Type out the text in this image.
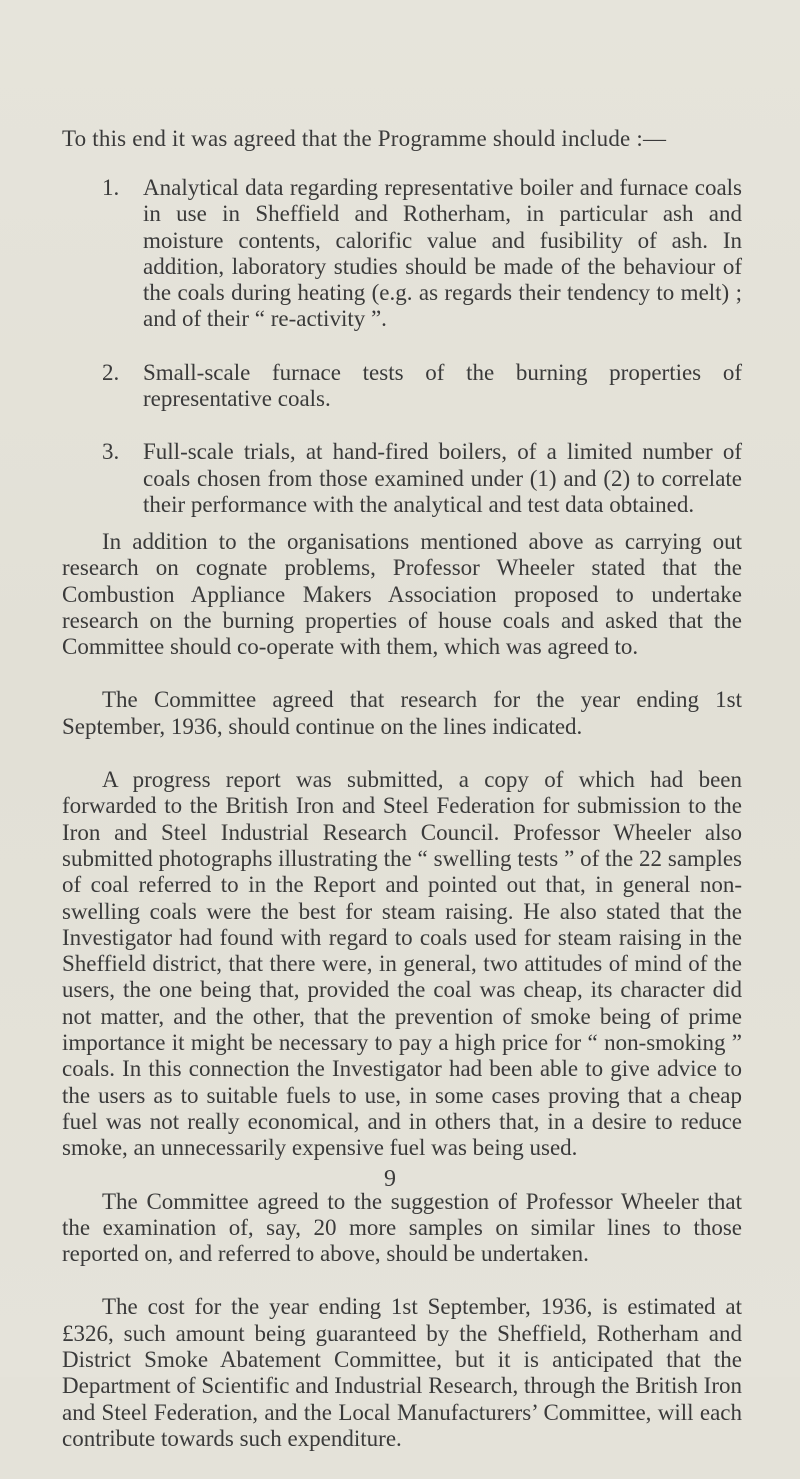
To this end it was agreed that the Programme should include :—

1. Analytical data regarding representative boiler and furnace coals in use in Sheffield and Rotherham, in particular ash and moisture contents, calorific value and fusibility of ash. In addition, laboratory studies should be made of the behaviour of the coals during heating (e.g. as regards their tendency to melt) ; and of their “ re-activity ”.
2. Small-scale furnace tests of the burning properties of representative coals.
3. Full-scale trials, at hand-fired boilers, of a limited number of coals chosen from those examined under (1) and (2) to correlate their performance with the analytical and test data obtained.

In addition to the organisations mentioned above as carrying out research on cognate problems, Professor Wheeler stated that the Combustion Appliance Makers Association proposed to undertake research on the burning properties of house coals and asked that the Committee should co-operate with them, which was agreed to.

The Committee agreed that research for the year ending 1st September, 1936, should continue on the lines indicated.

A progress report was submitted, a copy of which had been forwarded to the British Iron and Steel Federation for submission to the Iron and Steel Industrial Research Council. Professor Wheeler also submitted photographs illustrating the “ swelling tests ” of the 22 samples of coal referred to in the Report and pointed out that, in general non-swelling coals were the best for steam raising. He also stated that the Investigator had found with regard to coals used for steam raising in the Sheffield district, that there were, in general, two attitudes of mind of the users, the one being that, provided the coal was cheap, its character did not matter, and the other, that the prevention of smoke being of prime importance it might be necessary to pay a high price for “ non-smoking ” coals. In this connection the Investigator had been able to give advice to the users as to suitable fuels to use, in some cases proving that a cheap fuel was not really economical, and in others that, in a desire to reduce smoke, an unnecessarily expensive fuel was being used.

The Committee agreed to the suggestion of Professor Wheeler that the examination of, say, 20 more samples on similar lines to those reported on, and referred to above, should be undertaken.

The cost for the year ending 1st September, 1936, is estimated at £326, such amount being guaranteed by the Sheffield, Rotherham and District Smoke Abatement Committee, but it is anticipated that the Department of Scientific and Industrial Research, through the British Iron and Steel Federation, and the Local Manufacturers’ Committee, will each contribute towards such expenditure.

9
